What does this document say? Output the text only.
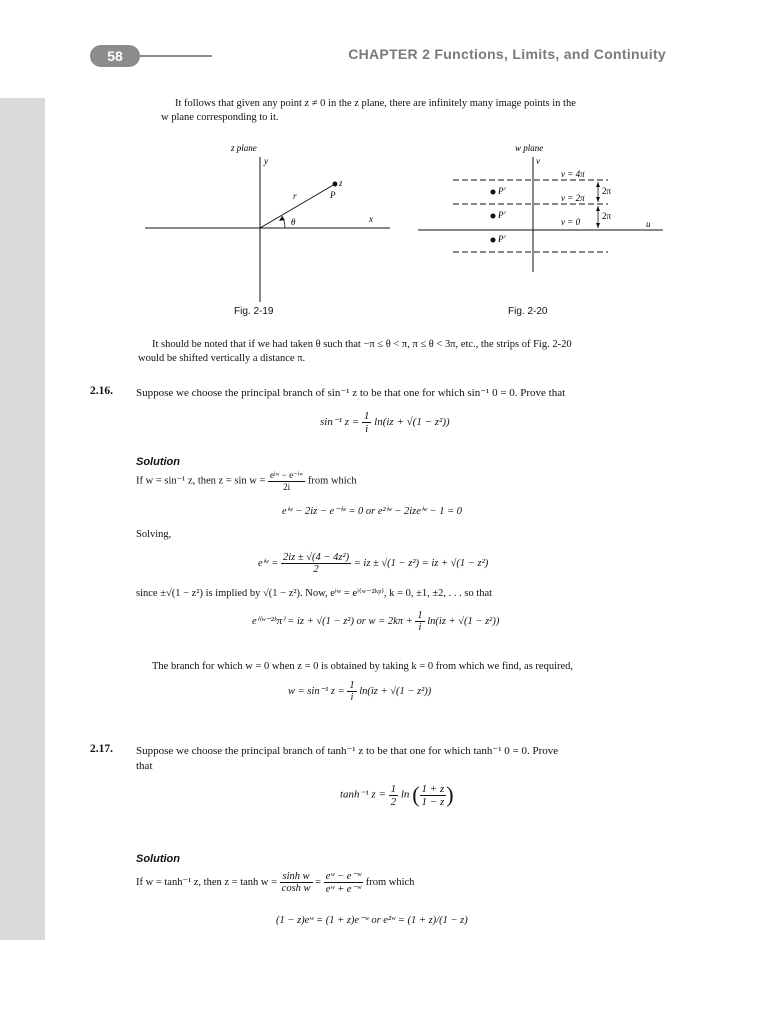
58	CHAPTER 2 Functions, Limits, and Continuity
It follows that given any point z ≠ 0 in the z plane, there are infinitely many image points in the
w plane corresponding to it.
z plane
y
x
r
θ
z
P
Fig. 2-19
w plane
v
u
v = 4π
v = 2π
v = 0
2π
2π
P'
P'
P'
Fig. 2-20
It should be noted that if we had taken θ such that −π ≤ θ < π, π ≤ θ < 3π, etc., the strips of Fig. 2-20
would be shifted vertically a distance π.
2.16. Suppose we choose the principal branch of sin⁻¹ z to be that one for which sin⁻¹ 0 = 0. Prove that
sin⁻¹ $z = \frac{1}{i} \ln(iz + √(1 - z^2))$
Solution
If w = sin⁻¹ z, then $z = \sin w = \frac{\text{eⁱʷ − e⁻ⁱʷ}}{2i}$ from which
eⁱʷ − 2iz − e⁻ⁱʷ = 0 or e²ⁱʷ − 2izeⁱʷ − 1 = 0
Solving,
eⁱʷ = $\frac{\text{2iz ± √(4 − 4z²)}}{2}$ = iz ± √(1 − z²) = iz + √(1 − z²)
since ±√(1 − z²) is implied by √(1 − z²). Now, eⁱʷ = eⁱ⁽ʷ⁻²ᵏᵖ⁾, k = 0, ±1, ±2, . . . so that
eⁱ⁽ʷ⁻²ᵏπ⁾ = iz + √(1 − z²) or $w = 2k\pi + \frac{1}{i} \ln(iz + √(1 - z^2))$
The branch for which w = 0 when z = 0 is obtained by taking k = 0 from which we find, as required,
w = sin⁻¹ $z = \frac{1}{i} \ln(iz + √(1 - z^2))$
2.17. Suppose we choose the principal branch of tanh⁻¹ z to be that one for which tanh⁻¹ 0 = 0. Prove
that
tanh⁻¹ $z = \frac{1}{2}$ ln ( $\frac{1 + z}{1 - z}$ )
Solution
If w = tanh⁻¹ z, then $z = \tanh w = \frac{\text{sinh w}}{\text{cosh w}} = \frac{\text{eʷ − e⁻ʷ}}{\text{eʷ + e⁻ʷ}}$ from which
(1 − z)eʷ = (1 + z)e⁻ʷ or e²ʷ = (1 + z)/(1 − z)
